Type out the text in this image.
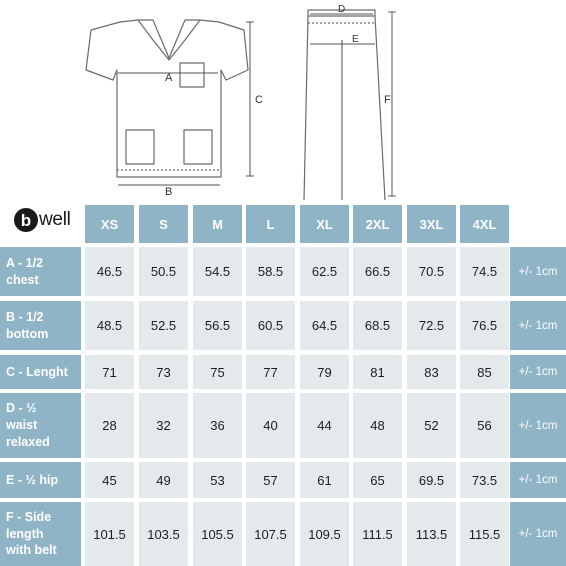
A
B
C
D
E
F
b well	XS	S	M	L	XL	2XL	3XL	4XL
A - 1/2
chest
46.5	50.5	54.5	58.5	62.5	66.5	70.5	74.5	+/- 1cm
B - 1/2
bottom
48.5	52.5	56.5	60.5	64.5	68.5	72.5	76.5	+/- 1cm
C - Lenght	71	73	75	77	79	81	83	85	+/- 1cm
D - ½
waist
relaxed
28	32	36	40	44	48	52	56	+/- 1cm
E - ½ hip	45	49	53	57	61	65	69.5	73.5	+/- 1cm
F - Side
length
with belt
101.5	103.5	105.5	107.5	109.5	111.5	113.5	115.5	+/- 1cm
